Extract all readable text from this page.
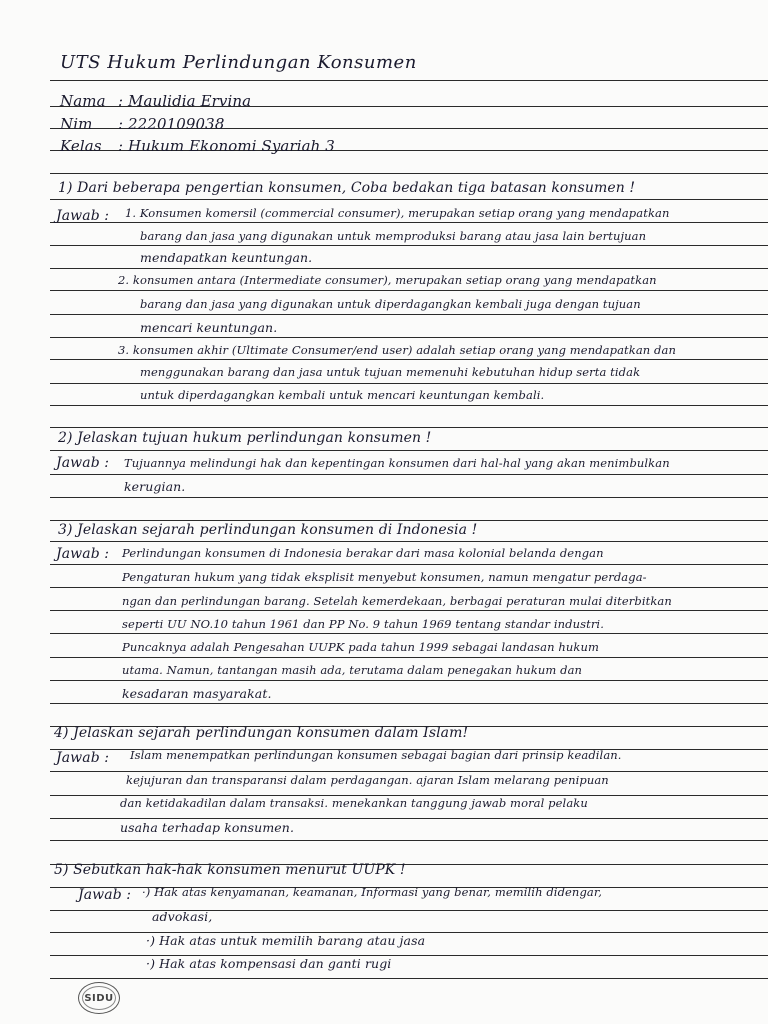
UTS Hukum Perlindungan Konsumen
Nama : Maulidia Ervina
Nim : 2220109038
Kelas : Hukum Ekonomi Syariah 3
1) Dari beberapa pengertian konsumen, Coba bedakan tiga batasan konsumen !
Jawab : 1. Konsumen komersil (commercial consumer), merupakan setiap orang yang mendapatkan
barang dan jasa yang digunakan untuk memproduksi barang atau jasa lain bertujuan
mendapatkan keuntungan.
2. konsumen antara (Intermediate consumer), merupakan setiap orang yang mendapatkan
barang dan jasa yang digunakan untuk diperdagangkan kembali juga dengan tujuan
mencari keuntungan.
3. konsumen akhir (Ultimate Consumer/end user) adalah setiap orang yang mendapatkan dan
menggunakan barang dan jasa untuk tujuan memenuhi kebutuhan hidup serta tidak
untuk diperdagangkan kembali untuk mencari keuntungan kembali.
2) Jelaskan tujuan hukum perlindungan konsumen !
Jawab : Tujuannya melindungi hak dan kepentingan konsumen dari hal-hal yang akan menimbulkan
kerugian.
3) Jelaskan sejarah perlindungan konsumen di Indonesia !
Jawab : Perlindungan konsumen di Indonesia berakar dari masa kolonial belanda dengan
Pengaturan hukum yang tidak eksplisit menyebut konsumen, namun mengatur perdaga-
ngan dan perlindungan barang. Setelah kemerdekaan, berbagai peraturan mulai diterbitkan
seperti UU NO.10 tahun 1961 dan PP No. 9 tahun 1969 tentang standar industri.
Puncaknya adalah Pengesahan UUPK pada tahun 1999 sebagai landasan hukum
utama. Namun, tantangan masih ada, terutama dalam penegakan hukum dan
kesadaran masyarakat.
4) Jelaskan sejarah perlindungan konsumen dalam Islam!
Jawab : Islam menempatkan perlindungan konsumen sebagai bagian dari prinsip keadilan.
kejujuran dan transparansi dalam perdagangan. ajaran Islam melarang penipuan
dan ketidakadilan dalam transaksi. menekankan tanggung jawab moral pelaku
usaha terhadap konsumen.
5) Sebutkan hak-hak konsumen menurut UUPK !
Jawab : ·) Hak atas kenyamanan, keamanan, Informasi yang benar, memilih didengar,
advokasi,
·) Hak atas untuk memilih barang atau jasa
·) Hak atas kompensasi dan ganti rugi
SIDU
